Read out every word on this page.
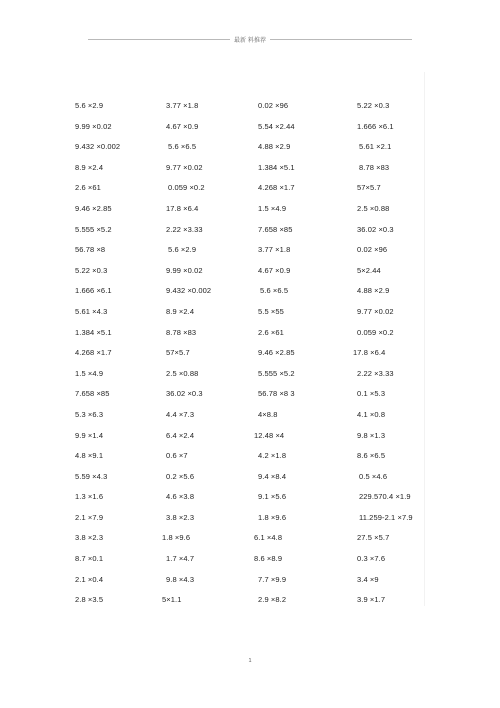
最新 料推荐
5.6 ×2.9	3.77 ×1.8	0.02 ×96	5.22 ×0.3
9.99 ×0.02	4.67 ×0.9	5.54 ×2.44	1.666 ×6.1
9.432 ×0.002	5.6 ×6.5	4.88 ×2.9	5.61 ×2.1
8.9 ×2.4	9.77 ×0.02	1.384 ×5.1	8.78 ×83
2.6 ×61	0.059 ×0.2	4.268 ×1.7	57×5.7
9.46 ×2.85	17.8 ×6.4	1.5 ×4.9	2.5 ×0.88
5.555 ×5.2	2.22 ×3.33	7.658 ×85	36.02 ×0.3
56.78 ×8	5.6 ×2.9	3.77 ×1.8	0.02 ×96
5.22 ×0.3	9.99 ×0.02	4.67 ×0.9	5×2.44
1.666 ×6.1	9.432 ×0.002	5.6 ×6.5	4.88 ×2.9
5.61 ×4.3	8.9 ×2.4	5.5 ×55	9.77 ×0.02
1.384 ×5.1	8.78 ×83	2.6 ×61	0.059 ×0.2
4.268 ×1.7	57×5.7	9.46 ×2.85	17.8 ×6.4
1.5 ×4.9	2.5 ×0.88	5.555 ×5.2	2.22 ×3.33
7.658 ×85	36.02 ×0.3	56.78 ×8 3	0.1 ×5.3
5.3 ×6.3	4.4 ×7.3	4×8.8	4.1 ×0.8
9.9 ×1.4	6.4 ×2.4	12.48 ×4	9.8 ×1.3
4.8 ×9.1	0.6 ×7	4.2 ×1.8	8.6 ×6.5
5.59 ×4.3	0.2 ×5.6	9.4 ×8.4	0.5 ×4.6
1.3 ×1.6	4.6 ×3.8	9.1 ×5.6	229.570.4 ×1.9
2.1 ×7.9	3.8 ×2.3	1.8 ×9.6	11.259-2.1 ×7.9
3.8 ×2.3	1.8 ×9.6	6.1 ×4.8	27.5 ×5.7
8.7 ×0.1	1.7 ×4.7	8.6 ×8.9	0.3 ×7.6
2.1 ×0.4	9.8 ×4.3	7.7 ×9.9	3.4 ×9
2.8 ×3.5	5×1.1	2.9 ×8.2	3.9 ×1.7
1
